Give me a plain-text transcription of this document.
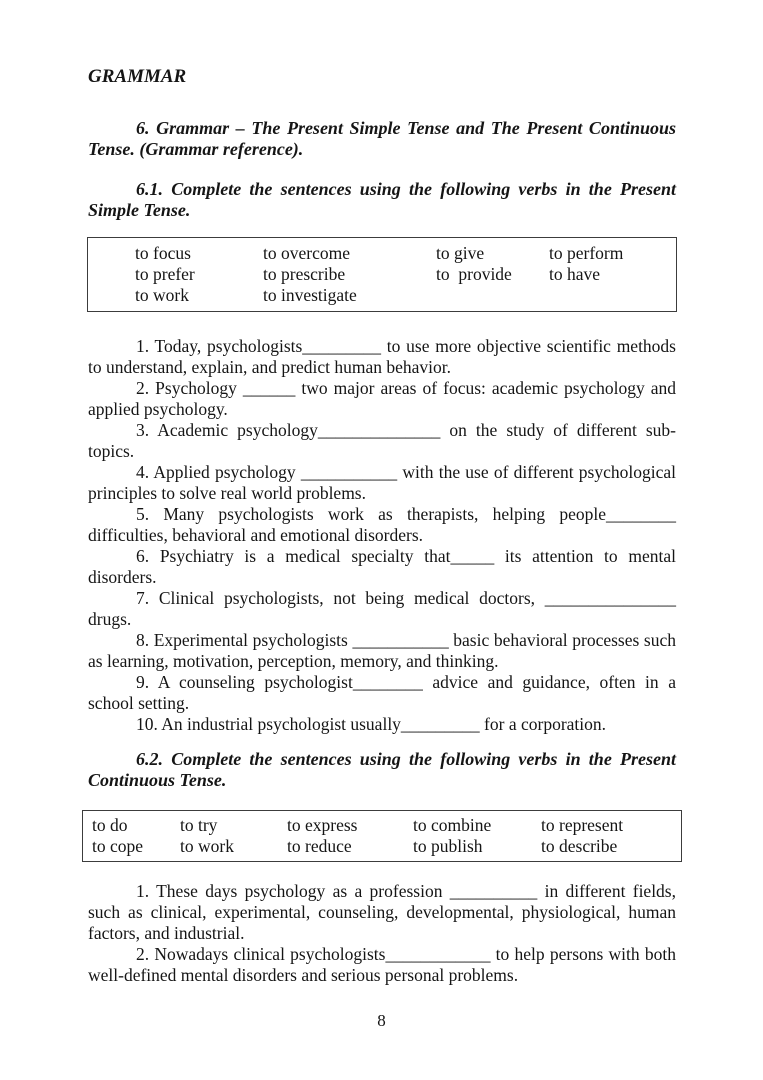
GRAMMAR

6. Grammar – The Present Simple Tense and The Present Continuous Tense. (Grammar reference).

6.1. Complete the sentences using the following verbs in the Present Simple Tense.

to focus	to overcome	to give	to perform
to prefer	to prescribe	to  provide	to have
to work	to investigate

1. Today, psychologists_________ to use more objective scientific methods to understand, explain, and predict human behavior.

2. Psychology ______ two major areas of focus: academic psychology and applied psychology.

3. Academic psychology______________ on the study of different sub-topics.

4. Applied psychology ___________ with the use of different psychological principles to solve real world problems.

5. Many psychologists work as therapists, helping people________ difficulties, behavioral and emotional disorders.

6. Psychiatry is a medical specialty that_____ its attention to mental disorders.

7. Clinical psychologists, not being medical doctors, _______________ drugs.

8. Experimental psychologists ___________ basic behavioral processes such as learning, motivation, perception, memory, and thinking.

9. A counseling psychologist________ advice and guidance, often in a school setting.

10. An industrial psychologist usually_________ for a corporation.

6.2. Complete the sentences using the following verbs in the Present Continuous Tense.

to do	to try	to express	to combine	to represent
to cope	to work	to reduce	to publish	to describe

1. These days psychology as a profession __________ in different fields, such as clinical, experimental, counseling, developmental, physiological, human factors, and industrial.

2. Nowadays clinical psychologists____________ to help persons with both well-defined mental disorders and serious personal problems.

8
